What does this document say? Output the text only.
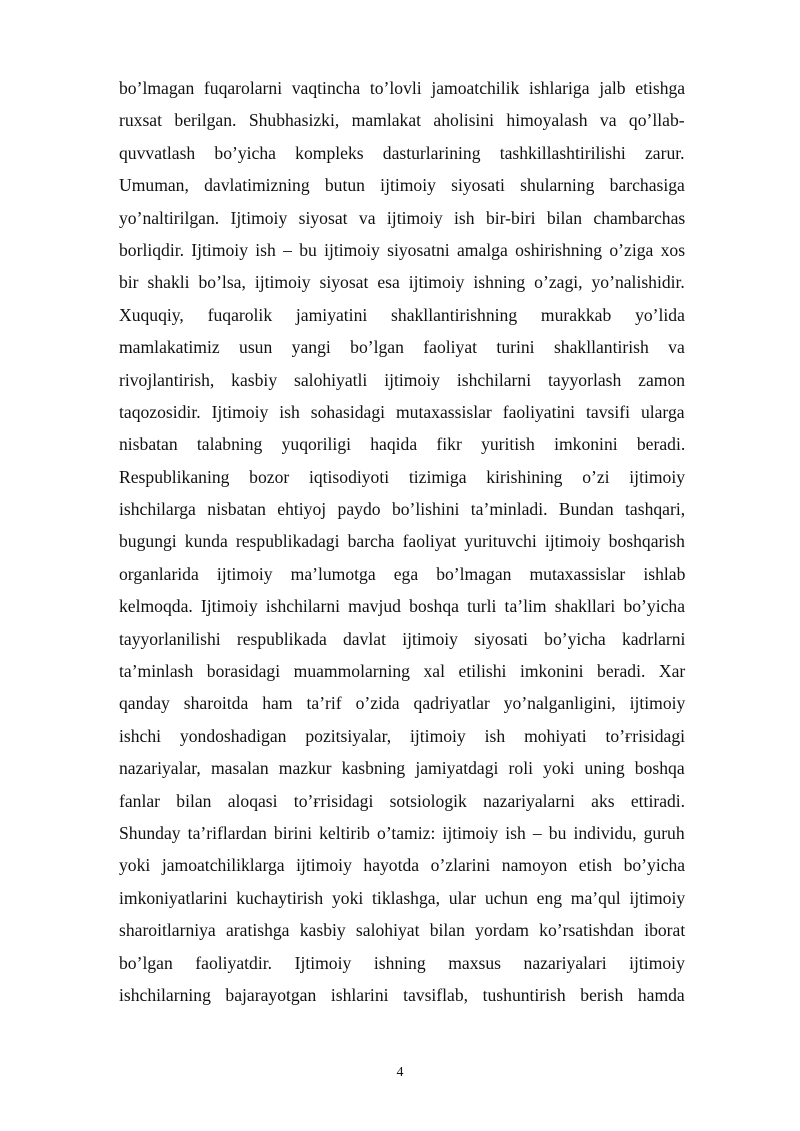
bo’lmagan fuqarolarni vaqtincha to’lovli jamoatchilik ishlariga jalb etishga
ruxsat berilgan. Shubhasizki, mamlakat aholisini himoyalash va qo’llab-
quvvatlash bo’yicha kompleks dasturlarining tashkillashtirilishi zarur.
Umuman, davlatimizning butun ijtimoiy siyosati shularning barchasiga
yo’naltirilgan. Ijtimoiy siyosat va ijtimoiy ish bir-biri bilan chambarchas
borliqdir. Ijtimoiy ish – bu ijtimoiy siyosatni amalga oshirishning o’ziga xos
bir shakli bo’lsa, ijtimoiy siyosat esa ijtimoiy ishning o’zagi, yo’nalishidir.
Xuquqiy, fuqarolik jamiyatini shakllantirishning murakkab yo’lida
mamlakatimiz usun yangi bo’lgan faoliyat turini shakllantirish va
rivojlantirish, kasbiy salohiyatli ijtimoiy ishchilarni tayyorlash zamon
taqozosidir. Ijtimoiy ish sohasidagi mutaxassislar faoliyatini tavsifi ularga
nisbatan talabning yuqoriligi haqida fikr yuritish imkonini beradi.
Respublikaning bozor iqtisodiyoti tizimiga kirishining o’zi ijtimoiy
ishchilarga nisbatan ehtiyoj paydo bo’lishini ta’minladi. Bundan tashqari,
bugungi kunda respublikadagi barcha faoliyat yurituvchi ijtimoiy boshqarish
organlarida ijtimoiy ma’lumotga ega bo’lmagan mutaxassislar ishlab
kelmoqda. Ijtimoiy ishchilarni mavjud boshqa turli ta’lim shakllari bo’yicha
tayyorlanilishi respublikada davlat ijtimoiy siyosati bo’yicha kadrlarni
ta’minlash borasidagi muammolarning xal etilishi imkonini beradi. Xar
qanday sharoitda ham ta’rif o’zida qadriyatlar yo’nalganligini, ijtimoiy
ishchi yondoshadigan pozitsiyalar, ijtimoiy ish mohiyati to’ғrisidagi
nazariyalar, masalan mazkur kasbning jamiyatdagi roli yoki uning boshqa
fanlar bilan aloqasi to’ғrisidagi sotsiologik nazariyalarni aks ettiradi.
Shunday ta’riflardan birini keltirib o’tamiz: ijtimoiy ish – bu individu, guruh
yoki jamoatchiliklarga ijtimoiy hayotda o’zlarini namoyon etish bo’yicha
imkoniyatlarini kuchaytirish yoki tiklashga, ular uchun eng ma’qul ijtimoiy
sharoitlarniya aratishga kasbiy salohiyat bilan yordam ko’rsatishdan iborat
bo’lgan faoliyatdir. Ijtimoiy ishning maxsus nazariyalari ijtimoiy
ishchilarning bajarayotgan ishlarini tavsiflab, tushuntirish berish hamda
4
